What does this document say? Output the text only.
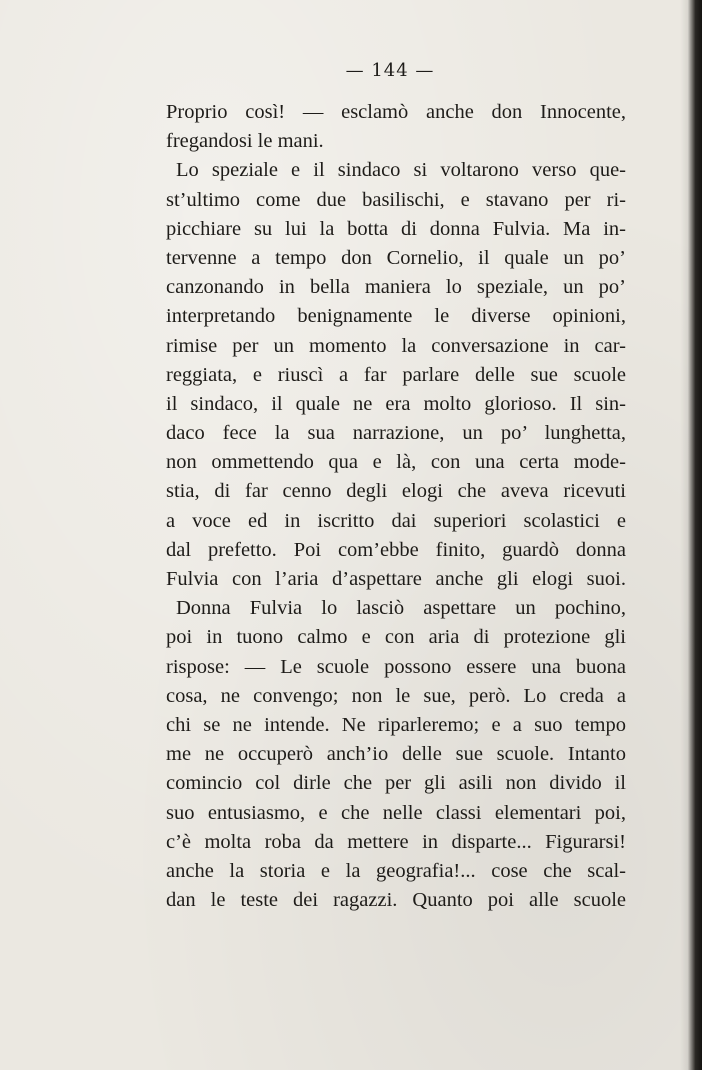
— 144 —
Proprio così! — esclamò anche don Innocente,
fregandosi le mani.
Lo speziale e il sindaco si voltarono verso que-
st’ultimo come due basilischi, e stavano per ri-
picchiare su lui la botta di donna Fulvia. Ma in-
tervenne a tempo don Cornelio, il quale un po’
canzonando in bella maniera lo speziale, un po’
interpretando benignamente le diverse opinioni,
rimise per un momento la conversazione in car-
reggiata, e riuscì a far parlare delle sue scuole
il sindaco, il quale ne era molto glorioso. Il sin-
daco fece la sua narrazione, un po’ lunghetta,
non ommettendo qua e là, con una certa mode-
stia, di far cenno degli elogi che aveva ricevuti
a voce ed in iscritto dai superiori scolastici e
dal prefetto. Poi com’ebbe finito, guardò donna
Fulvia con l’aria d’aspettare anche gli elogi suoi.
Donna Fulvia lo lasciò aspettare un pochino,
poi in tuono calmo e con aria di protezione gli
rispose: — Le scuole possono essere una buona
cosa, ne convengo; non le sue, però. Lo creda a
chi se ne intende. Ne riparleremo; e a suo tempo
me ne occuperò anch’io delle sue scuole. Intanto
comincio col dirle che per gli asili non divido il
suo entusiasmo, e che nelle classi elementari poi,
c’è molta roba da mettere in disparte... Figurarsi!
anche la storia e la geografia!... cose che scal-
dan le teste dei ragazzi. Quanto poi alle scuole
